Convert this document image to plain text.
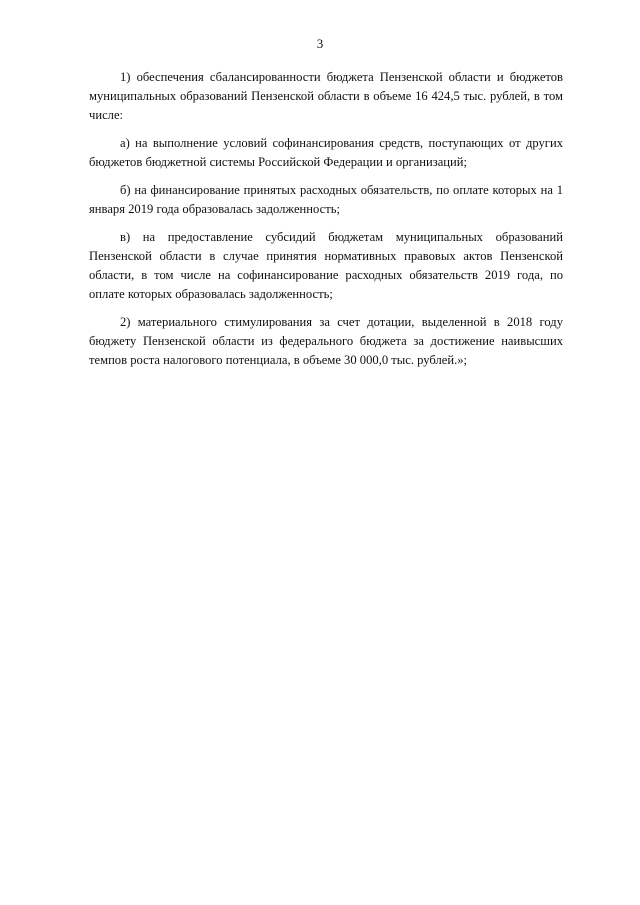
3

1) обеспечения сбалансированности бюджета Пензенской области и бюджетов муниципальных образований Пензенской области в объеме 16 424,5 тыс. рублей, в том числе:

а) на выполнение условий софинансирования средств, поступающих от других бюджетов бюджетной системы Российской Федерации и организаций;

б) на финансирование принятых расходных обязательств, по оплате которых на 1 января 2019 года образовалась задолженность;

в) на предоставление субсидий бюджетам муниципальных образований Пензенской области в случае принятия нормативных правовых актов Пензенской области, в том числе на софинансирование расходных обязательств 2019 года, по оплате которых образовалась задолженность;

2) материального стимулирования за счет дотации, выделенной в 2018 году бюджету Пензенской области из федерального бюджета за достижение наивысших темпов роста налогового потенциала, в объеме 30 000,0 тыс. рублей.»;
